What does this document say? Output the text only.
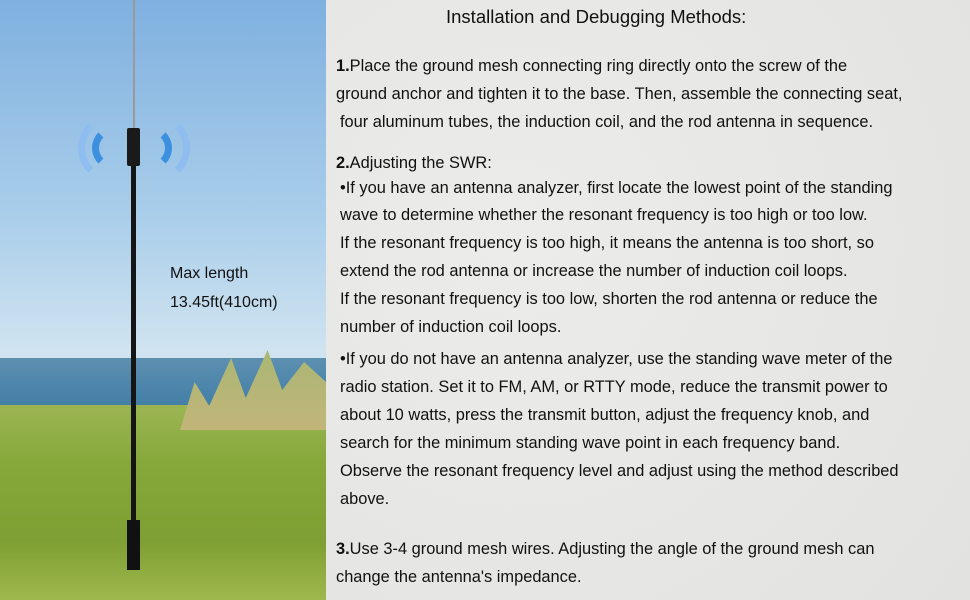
Max length
13.45ft(410cm)
Installation and Debugging Methods:
1.Place the ground mesh connecting ring directly onto the screw of the
ground anchor and tighten it to the base. Then, assemble the connecting seat,
four aluminum tubes, the induction coil, and the rod antenna in sequence.
2.Adjusting the SWR:
•If you have an antenna analyzer, first locate the lowest point of the standing
wave to determine whether the resonant frequency is too high or too low.
If the resonant frequency is too high, it means the antenna is too short, so
extend the rod antenna or increase the number of induction coil loops.
If the resonant frequency is too low, shorten the rod antenna or reduce the
number of induction coil loops.
•If you do not have an antenna analyzer, use the standing wave meter of the
radio station. Set it to FM, AM, or RTTY mode, reduce the transmit power to
about 10 watts, press the transmit button, adjust the frequency knob, and
search for the minimum standing wave point in each frequency band.
Observe the resonant frequency level and adjust using the method described
above.
3.Use 3-4 ground mesh wires. Adjusting the angle of the ground mesh can
change the antenna's impedance.
